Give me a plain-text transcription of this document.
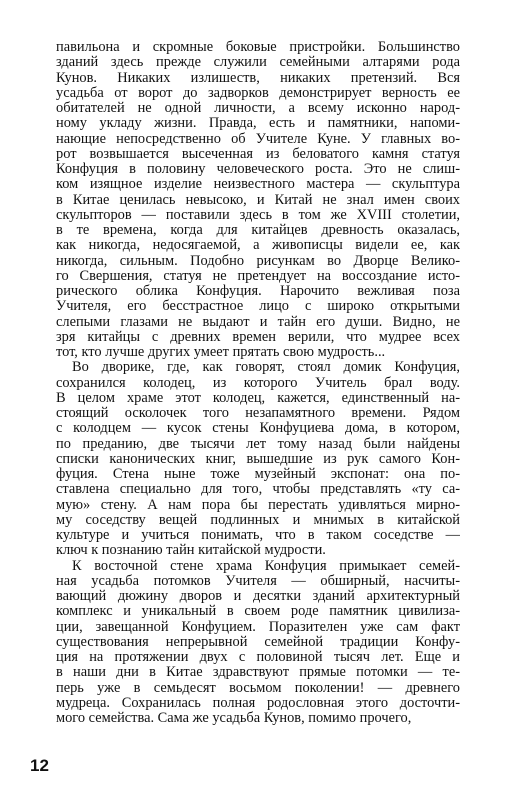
павильона и скромные боковые пристройки. Большинство
зданий здесь прежде служили семейными алтарями рода
Кунов. Никаких излишеств, никаких претензий. Вся
усадьба от ворот до задворков демонстрирует верность ее
обитателей не одной личности, а всему исконно народ-
ному укладу жизни. Правда, есть и памятники, напоми-
нающие непосредственно об Учителе Куне. У главных во-
рот возвышается высеченная из беловатого камня статуя
Конфуция в половину человеческого роста. Это не слиш-
ком изящное изделие неизвестного мастера — скульптура
в Китае ценилась невысоко, и Китай не знал имен своих
скульпторов — поставили здесь в том же XVIII столетии,
в те времена, когда для китайцев древность оказалась,
как никогда, недосягаемой, а живописцы видели ее, как
никогда, сильным. Подобно рисункам во Дворце Велико-
го Свершения, статуя не претендует на воссоздание исто-
рического облика Конфуция. Нарочито вежливая поза
Учителя, его бесстрастное лицо с широко открытыми
слепыми глазами не выдают и тайн его души. Видно, не
зря китайцы с древних времен верили, что мудрее всех
тот, кто лучше других умеет прятать свою мудрость...
Во дворике, где, как говорят, стоял домик Конфуция,
сохранился колодец, из которого Учитель брал воду.
В целом храме этот колодец, кажется, единственный на-
стоящий осколочек того незапамятного времени. Рядом
с колодцем — кусок стены Конфуциева дома, в котором,
по преданию, две тысячи лет тому назад были найдены
списки канонических книг, вышедшие из рук самого Кон-
фуция. Стена ныне тоже музейный экспонат: она по-
ставлена специально для того, чтобы представлять «ту са-
мую» стену. А нам пора бы перестать удивляться мирно-
му соседству вещей подлинных и мнимых в китайской
культуре и учиться понимать, что в таком соседстве —
ключ к познанию тайн китайской мудрости.
К восточной стене храма Конфуция примыкает семей-
ная усадьба потомков Учителя — обширный, насчиты-
вающий дюжину дворов и десятки зданий архитектурный
комплекс и уникальный в своем роде памятник цивилиза-
ции, завещанной Конфуцием. Поразителен уже сам факт
существования непрерывной семейной традиции Конфу-
ция на протяжении двух с половиной тысяч лет. Еще и
в наши дни в Китае здравствуют прямые потомки — те-
перь уже в семьдесят восьмом поколении! — древнего
мудреца. Сохранилась полная родословная этого досточти-
мого семейства. Сама же усадьба Кунов, помимо прочего,
12
